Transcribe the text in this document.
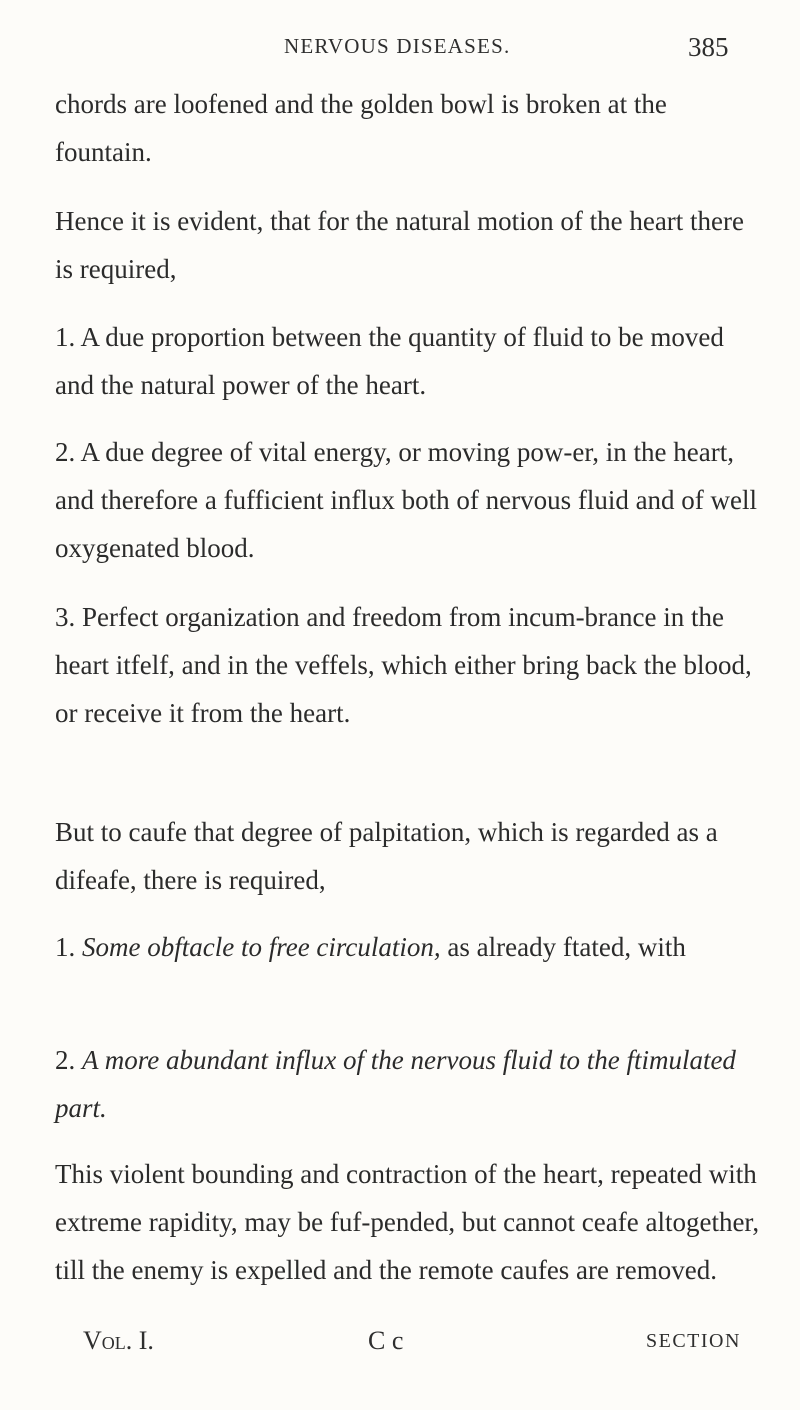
NERVOUS DISEASES.	385

chords are loofened and the golden bowl is broken at the fountain.

Hence it is evident, that for the natural motion of the heart there is required,

1. A due proportion between the quantity of fluid to be moved and the natural power of the heart.

2. A due degree of vital energy, or moving pow-er, in the heart, and therefore a fufficient influx both of nervous fluid and of well oxygenated blood.

3. Perfect organization and freedom from incum-brance in the heart itfelf, and in the veffels, which either bring back the blood, or receive it from the heart.

But to caufe that degree of palpitation, which is regarded as a difeafe, there is required,

1. Some obftacle to free circulation, as already ftated, with

2. A more abundant influx of the nervous fluid to the ftimulated part.

This violent bounding and contraction of the heart, repeated with extreme rapidity, may be fuf-pended, but cannot ceafe altogether, till the enemy is expelled and the remote caufes are removed.

Vol. I.	C c	SECTION
